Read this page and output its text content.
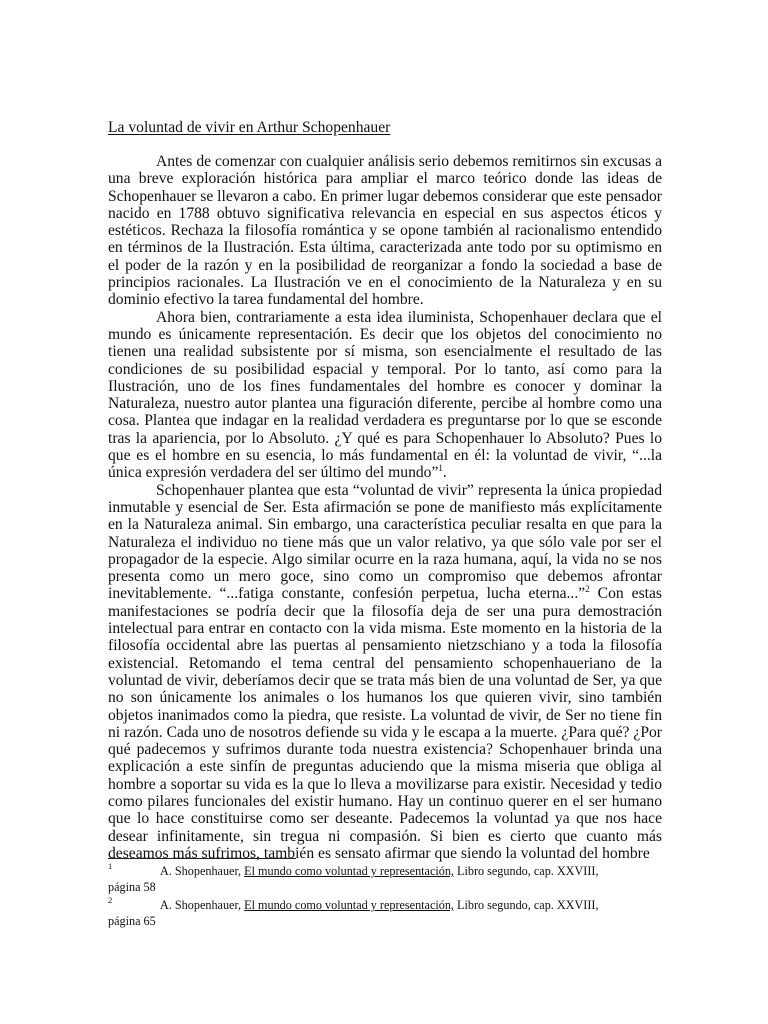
La voluntad de vivir en Arthur Schopenhauer

Antes de comenzar con cualquier análisis serio debemos remitirnos sin excusas a una breve exploración histórica para ampliar el marco teórico donde las ideas de Schopenhauer se llevaron a cabo. En primer lugar debemos considerar que este pensador nacido en 1788 obtuvo significativa relevancia en especial en sus aspectos éticos y estéticos. Rechaza la filosofía romántica y se opone también al racionalismo entendido en términos de la Ilustración. Esta última, caracterizada ante todo por su optimismo en el poder de la razón y en la posibilidad de reorganizar a fondo la sociedad a base de principios racionales. La Ilustración ve en el conocimiento de la Naturaleza y en su dominio efectivo la tarea fundamental del hombre.

Ahora bien, contrariamente a esta idea iluminista, Schopenhauer declara que el mundo es únicamente representación. Es decir que los objetos del conocimiento no tienen una realidad subsistente por sí misma, son esencialmente el resultado de las condiciones de su posibilidad espacial y temporal. Por lo tanto, así como para la Ilustración, uno de los fines fundamentales del hombre es conocer y dominar la Naturaleza, nuestro autor plantea una figuración diferente, percibe al hombre como una cosa. Plantea que indagar en la realidad verdadera es preguntarse por lo que se esconde tras la apariencia, por lo Absoluto. ¿Y qué es para Schopenhauer lo Absoluto? Pues lo que es el hombre en su esencia, lo más fundamental en él: la voluntad de vivir, “...la única expresión verdadera del ser último del mundo”$^1$.

Schopenhauer plantea que esta “voluntad de vivir” representa la única propiedad inmutable y esencial de Ser. Esta afirmación se pone de manifiesto más explícitamente en la Naturaleza animal. Sin embargo, una característica peculiar resalta en que para la Naturaleza el individuo no tiene más que un valor relativo, ya que sólo vale por ser el propagador de la especie. Algo similar ocurre en la raza humana, aquí, la vida no se nos presenta como un mero goce, sino como un compromiso que debemos afrontar inevitablemente. “...fatiga constante, confesión perpetua, lucha eterna...”$^2$ Con estas manifestaciones se podría decir que la filosofía deja de ser una pura demostración intelectual para entrar en contacto con la vida misma. Este momento en la historia de la filosofía occidental abre las puertas al pensamiento nietzschiano y a toda la filosofía existencial. Retomando el tema central del pensamiento schopenhaueriano de la voluntad de vivir, deberíamos decir que se trata más bien de una voluntad de Ser, ya que no son únicamente los animales o los humanos los que quieren vivir, sino también objetos inanimados como la piedra, que resiste. La voluntad de vivir, de Ser no tiene fin ni razón. Cada uno de nosotros defiende su vida y le escapa a la muerte. ¿Para qué? ¿Por qué padecemos y sufrimos durante toda nuestra existencia? Schopenhauer brinda una explicación a este sinfín de preguntas aduciendo que la misma miseria que obliga al hombre a soportar su vida es la que lo lleva a movilizarse para existir. Necesidad y tedio como pilares funcionales del existir humano. Hay un continuo querer en el ser humano que lo hace constituirse como ser deseante. Padecemos la voluntad ya que nos hace desear infinitamente, sin tregua ni compasión. Si bien es cierto que cuanto más deseamos más sufrimos, también es sensato afirmar que siendo la voluntad del hombre

1	A. Shopenhauer, El mundo como voluntad y representación, Libro segundo, cap. XXVIII,
página 58
2	A. Shopenhauer, El mundo como voluntad y representación, Libro segundo, cap. XXVIII,
página 65
